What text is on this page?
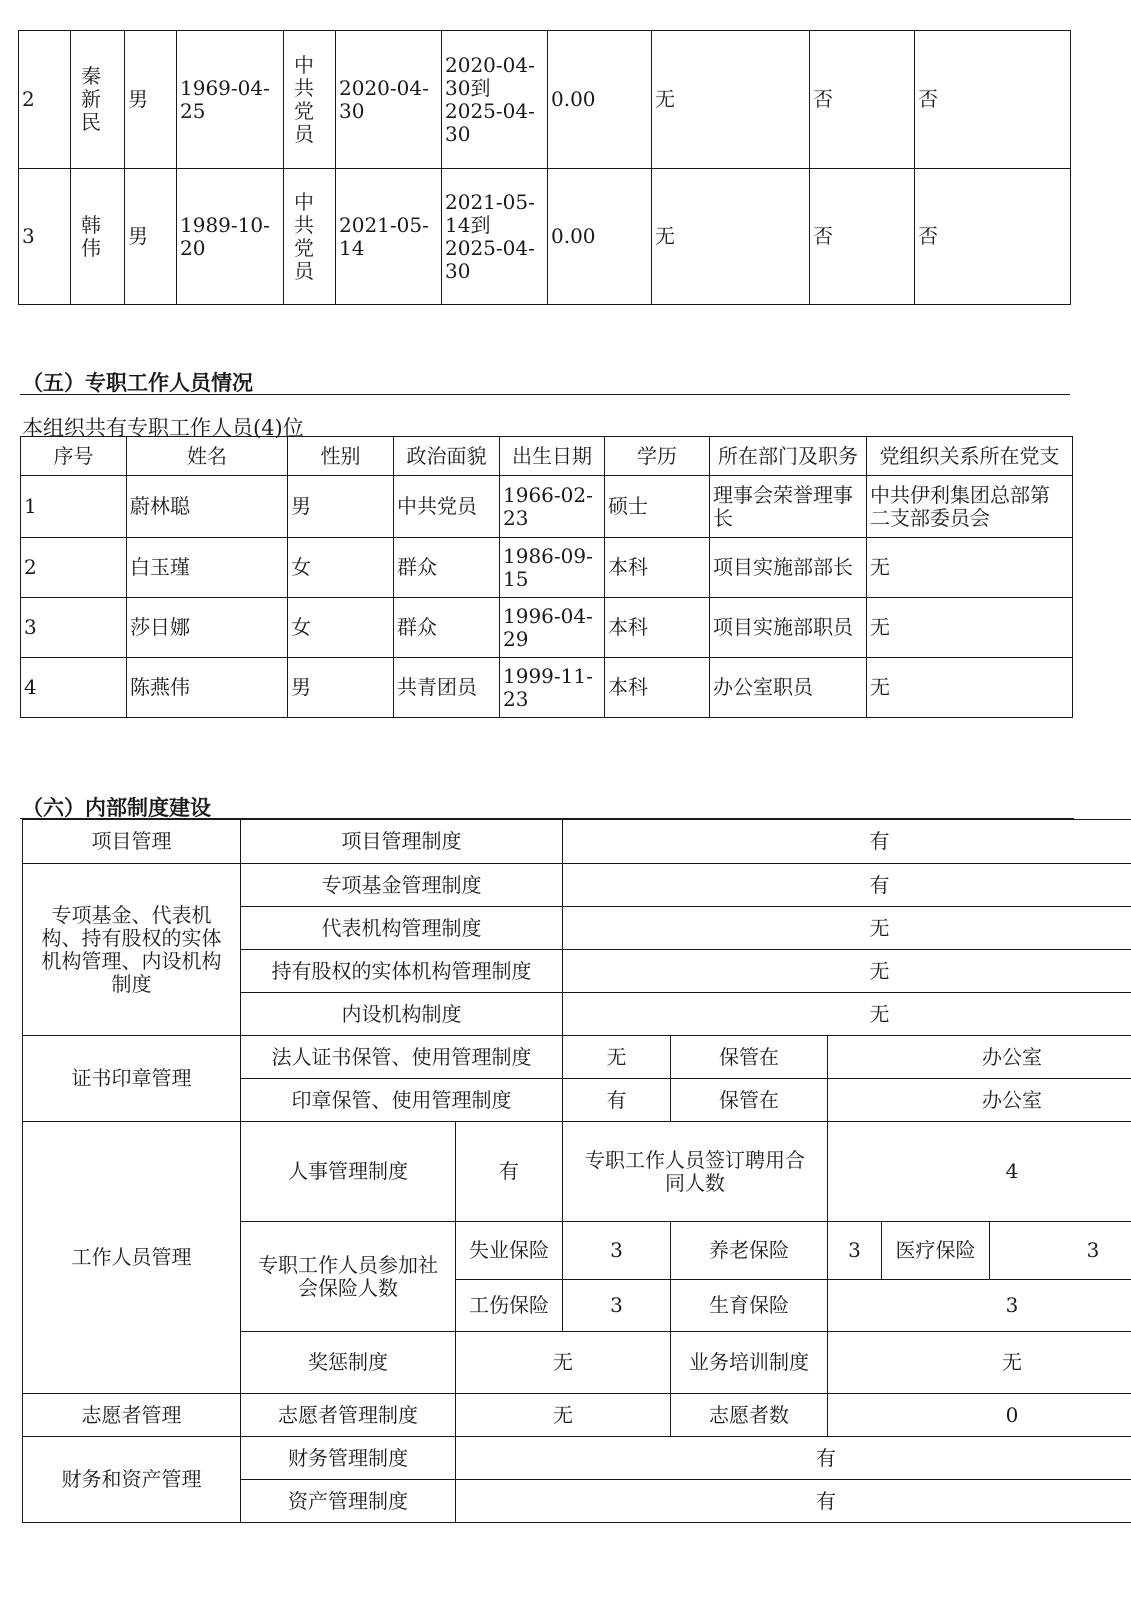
2	秦新民	男	1969-04-25	中共党员	2020-04-30	2020-04-30到2025-04-30	0.00	无	否	否
3	韩伟	男	1989-10-20	中共党员	2021-05-14	2021-05-14到2025-04-30	0.00	无	否	否
（五）专职工作人员情况
本组织共有专职工作人员(4)位
序号	姓名	性别	政治面貌	出生日期	学历	所在部门及职务	党组织关系所在党支
1	蔚林聪	男	中共党员	1966-02-23	硕士	理事会荣誉理事长	中共伊利集团总部第二支部委员会
2	白玉瑾	女	群众	1986-09-15	本科	项目实施部部长	无
3	莎日娜	女	群众	1996-04-29	本科	项目实施部职员	无
4	陈燕伟	男	共青团员	1999-11-23	本科	办公室职员	无
（六）内部制度建设
项目管理	项目管理制度		有				
专项基金、代表机构、持有股权的实体机构管理、内设机构制度	专项基金管理制度		有				
	代表机构管理制度		无				
	持有股权的实体机构管理制度		无				
	内设机构制度		无				
证书印章管理	法人证书保管、使用管理制度		无	保管在	办公室		
	印章保管、使用管理制度		有	保管在	办公室		
工作人员管理	人事管理制度	有	专职工作人员签订聘用合同人数		4		
	专职工作人员参加社会保险人数	失业保险	3	养老保险	3	医疗保险	3
		工伤保险	3	生育保险	3		
	奖惩制度	无		业务培训制度	无		
志愿者管理	志愿者管理制度	无		志愿者数	0		
财务和资产管理	财务管理制度	有					
	资产管理制度	有					
